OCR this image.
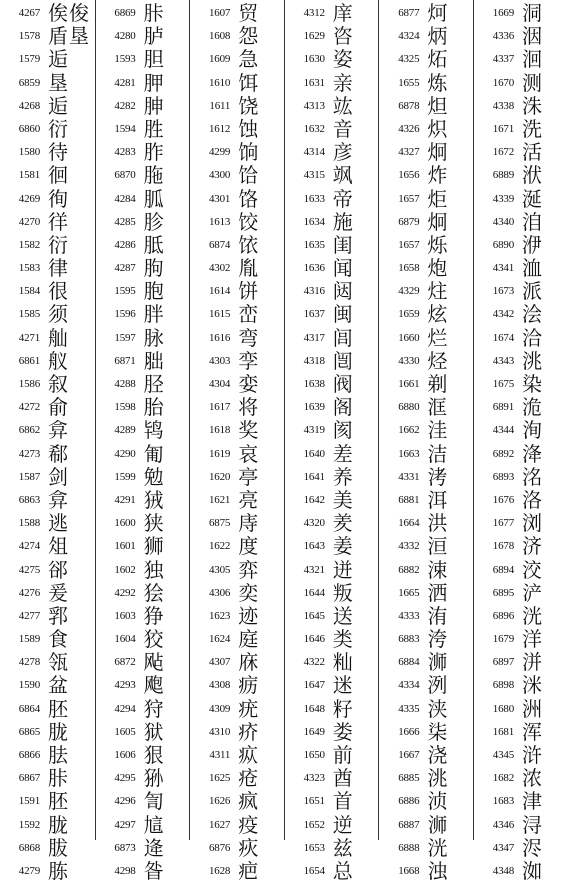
4267 俟俊
1578 盾垦
1579 逅
6859 垦
4268 逅
6860 衍
1580 待
1581 徊
4269 徇
4270 徉
1582 衍
1583 律
1584 很
1585 须
4271 舢
6861 舣
1586 叙
4272 俞
6862 弇
4273 郗
1587 剑
6863 弇
1588 逃
4274 俎
4275 郤
4276 爰
4277 郛
1589 食
4278 瓴
1590 盆
6864 胚
6865 胧
6866 胠
6867 胩
1591 胚
1592 胧
6868 胈
4279 胨
6869 胩
4280 胪
1593 胆
4281 胛
4282 胂
1594 胜
4283 胙
6870 胣
4284 胍
4285 胗
4286 胝
4287 朐
1595 胞
1596 胖
1597 脉
6871 胐
4288 胫
1598 胎
4289 鸨
4290 匍
1599 勉
4291 狨
1600 狭
1601 狮
1602 独
4292 狯
1603 狰
1604 狡
6872 飐
4293 飑
4294 狩
1605 狱
1606 狠
4295 狲
4296 訇
4297 訄
6873 逄
4298 昝
1607 贸
1608 怨
1609 急
1610 饵
1611 饶
1612 蚀
4299 饷
4300 饸
4301 饹
1613 饺
6874 饻
4302 胤
1614 饼
1615 峦
1616 弯
4303 孪
4304 娈
1617 将
1618 奖
1619 哀
1620 亭
1621 亮
6875 庤
1622 度
4305 弈
4306 奕
1623 迹
1624 庭
4307 庥
4308 疬
4309 疣
4310 疥
4311 疭
1625 疮
1626 疯
1627 疫
6876 疢
1628 疤
4312 庠
1629 咨
1630 姿
1631 亲
4313 竑
1632 音
4314 彦
4315 飒
1633 帝
1634 施
1635 闺
1636 闻
4316 闼
1637 闽
4317 闾
4318 闿
1638 阀
1639 阁
4319 阂
1640 差
1641 养
1642 美
4320 羑
1643 姜
4321 迸
1644 叛
1645 送
1646 类
4322 籼
1647 迷
1648 籽
1649 娄
1650 前
4323 酋
1651 首
1652 逆
1653 兹
1654 总
6877 炣
4324 炳
4325 炻
1655 炼
6878 炟
4326 炽
4327 炯
1656 炸
1657 炬
6879 炯
1657 烁
1658 炮
4329 炷
1659 炫
1660 烂
4330 烃
1661 剃
6880 洭
1662 洼
1663 洁
4331 洘
6881 洱
1664 洪
4332 洹
6882 涑
1665 洒
4333 洧
6883 洿
6884 浉
4334 洌
4335 浃
1666 柒
1667 浇
6885 洮
6886 浈
6887 浉
6888 洸
1668 浊
1669 洞
4336 洇
4337 洄
1670 测
4338 洙
1671 洗
1672 活
6889 洑
4339 涎
4340 洎
6890 洢
4341 洫
1673 派
4342 浍
1674 洽
4343 洮
1675 染
6891 洈
4344 洵
6892 洚
6893 洺
1676 洛
1677 浏
1678 济
6894 洨
6895 浐
6896 洸
1679 洋
6897 洴
6898 洣
1680 洲
1681 浑
4345 浒
1682 浓
1683 津
4346 浔
4347 浕
4348 洳
